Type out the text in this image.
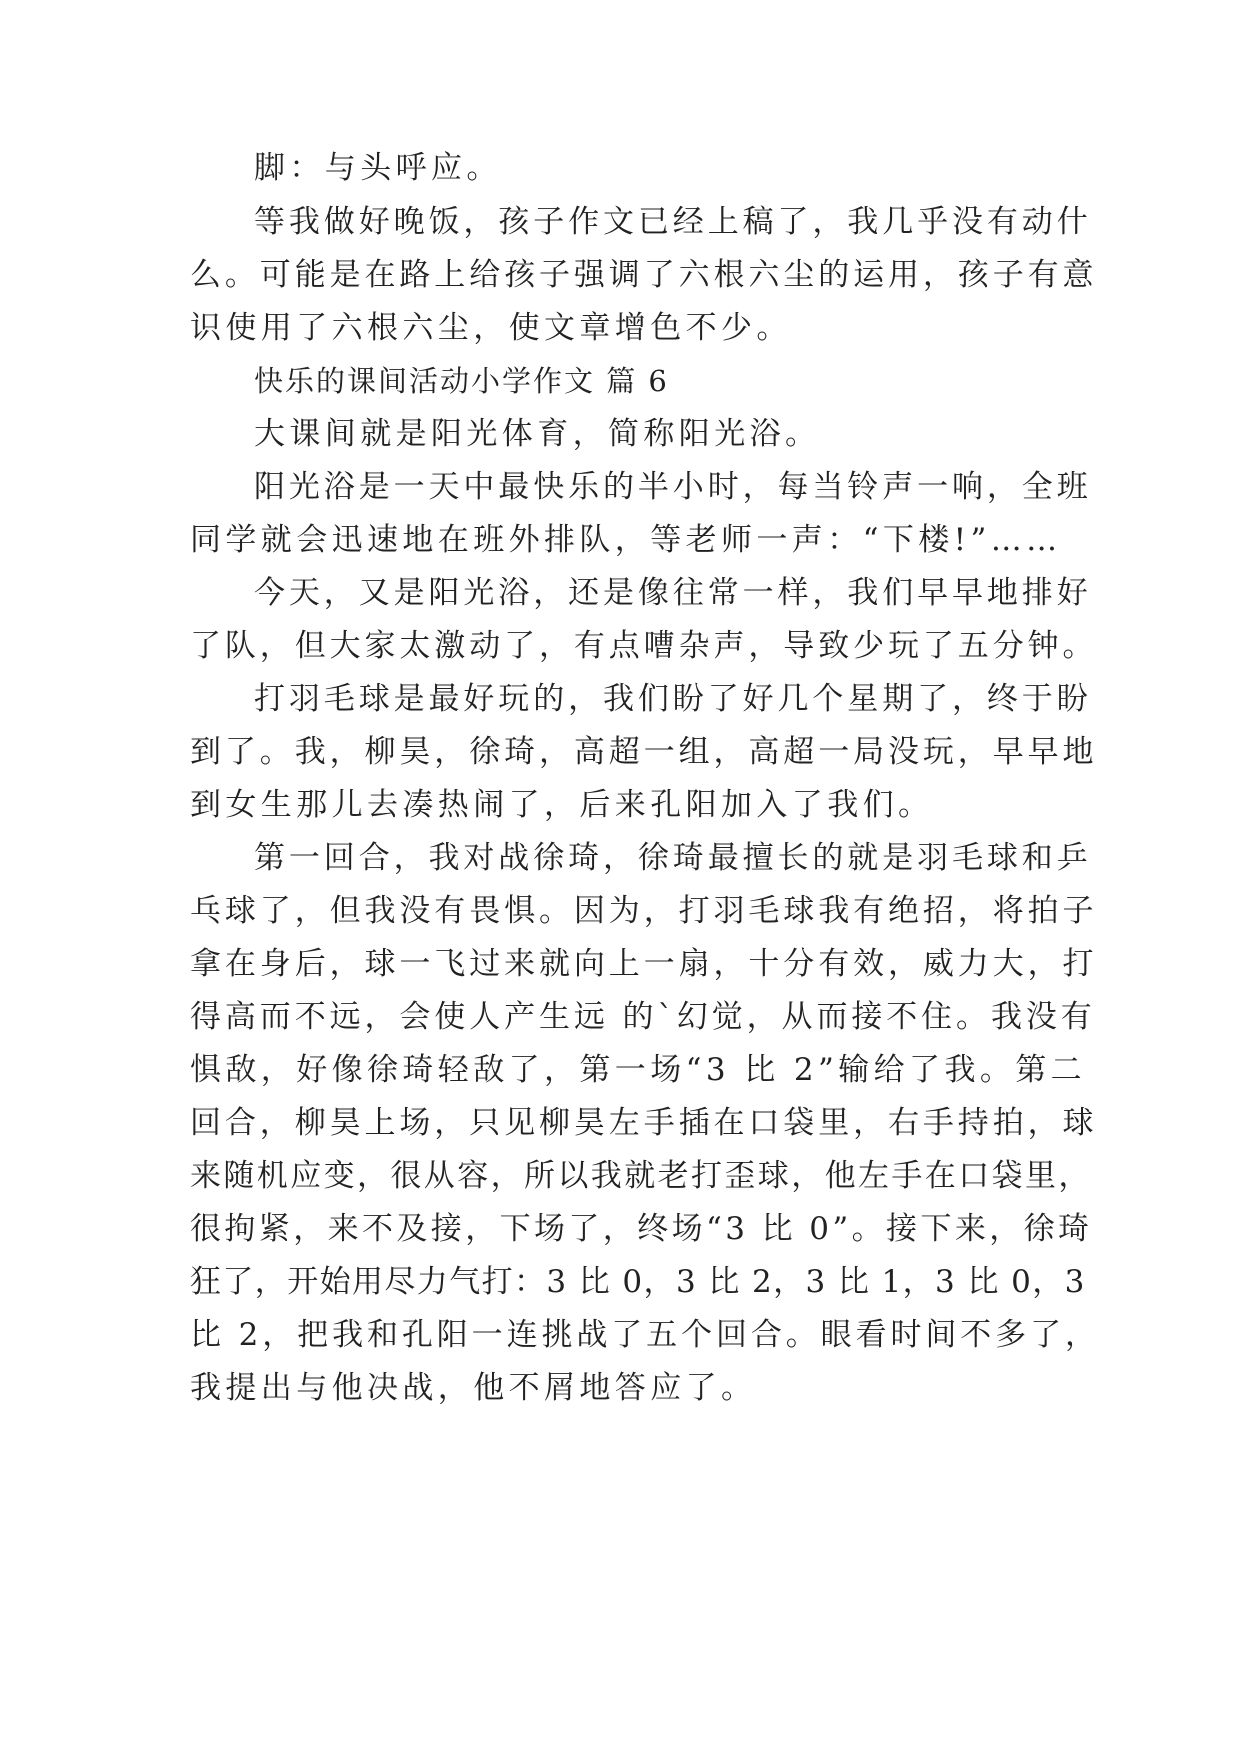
脚：与头呼应。
等我做好晚饭，孩子作文已经上稿了，我几乎没有动什
么。可能是在路上给孩子强调了六根六尘的运用，孩子有意
识使用了六根六尘，使文章增色不少。
快乐的课间活动小学作文 篇 6
大课间就是阳光体育，简称阳光浴。
阳光浴是一天中最快乐的半小时，每当铃声一响，全班
同学就会迅速地在班外排队，等老师一声：“下楼!”……
今天，又是阳光浴，还是像往常一样，我们早早地排好
了队，但大家太激动了，有点嘈杂声，导致少玩了五分钟。
打羽毛球是最好玩的，我们盼了好几个星期了，终于盼
到了。我，柳昊，徐琦，高超一组，高超一局没玩，早早地
到女生那儿去凑热闹了，后来孔阳加入了我们。
第一回合，我对战徐琦，徐琦最擅长的就是羽毛球和乒
乓球了，但我没有畏惧。因为，打羽毛球我有绝招，将拍子
拿在身后，球一飞过来就向上一扇，十分有效，威力大，打
得高而不远，会使人产生远 的`幻觉，从而接不住。我没有
惧敌，好像徐琦轻敌了，第一场“3 比 2”输给了我。第二
回合，柳昊上场，只见柳昊左手插在口袋里，右手持拍，球
来随机应变，很从容，所以我就老打歪球，他左手在口袋里，
很拘紧，来不及接，下场了，终场“3 比 0”。接下来，徐琦
狂了，开始用尽力气打：3 比 0，3 比 2，3 比 1，3 比 0，3
比 2，把我和孔阳一连挑战了五个回合。眼看时间不多了，
我提出与他决战，他不屑地答应了。
